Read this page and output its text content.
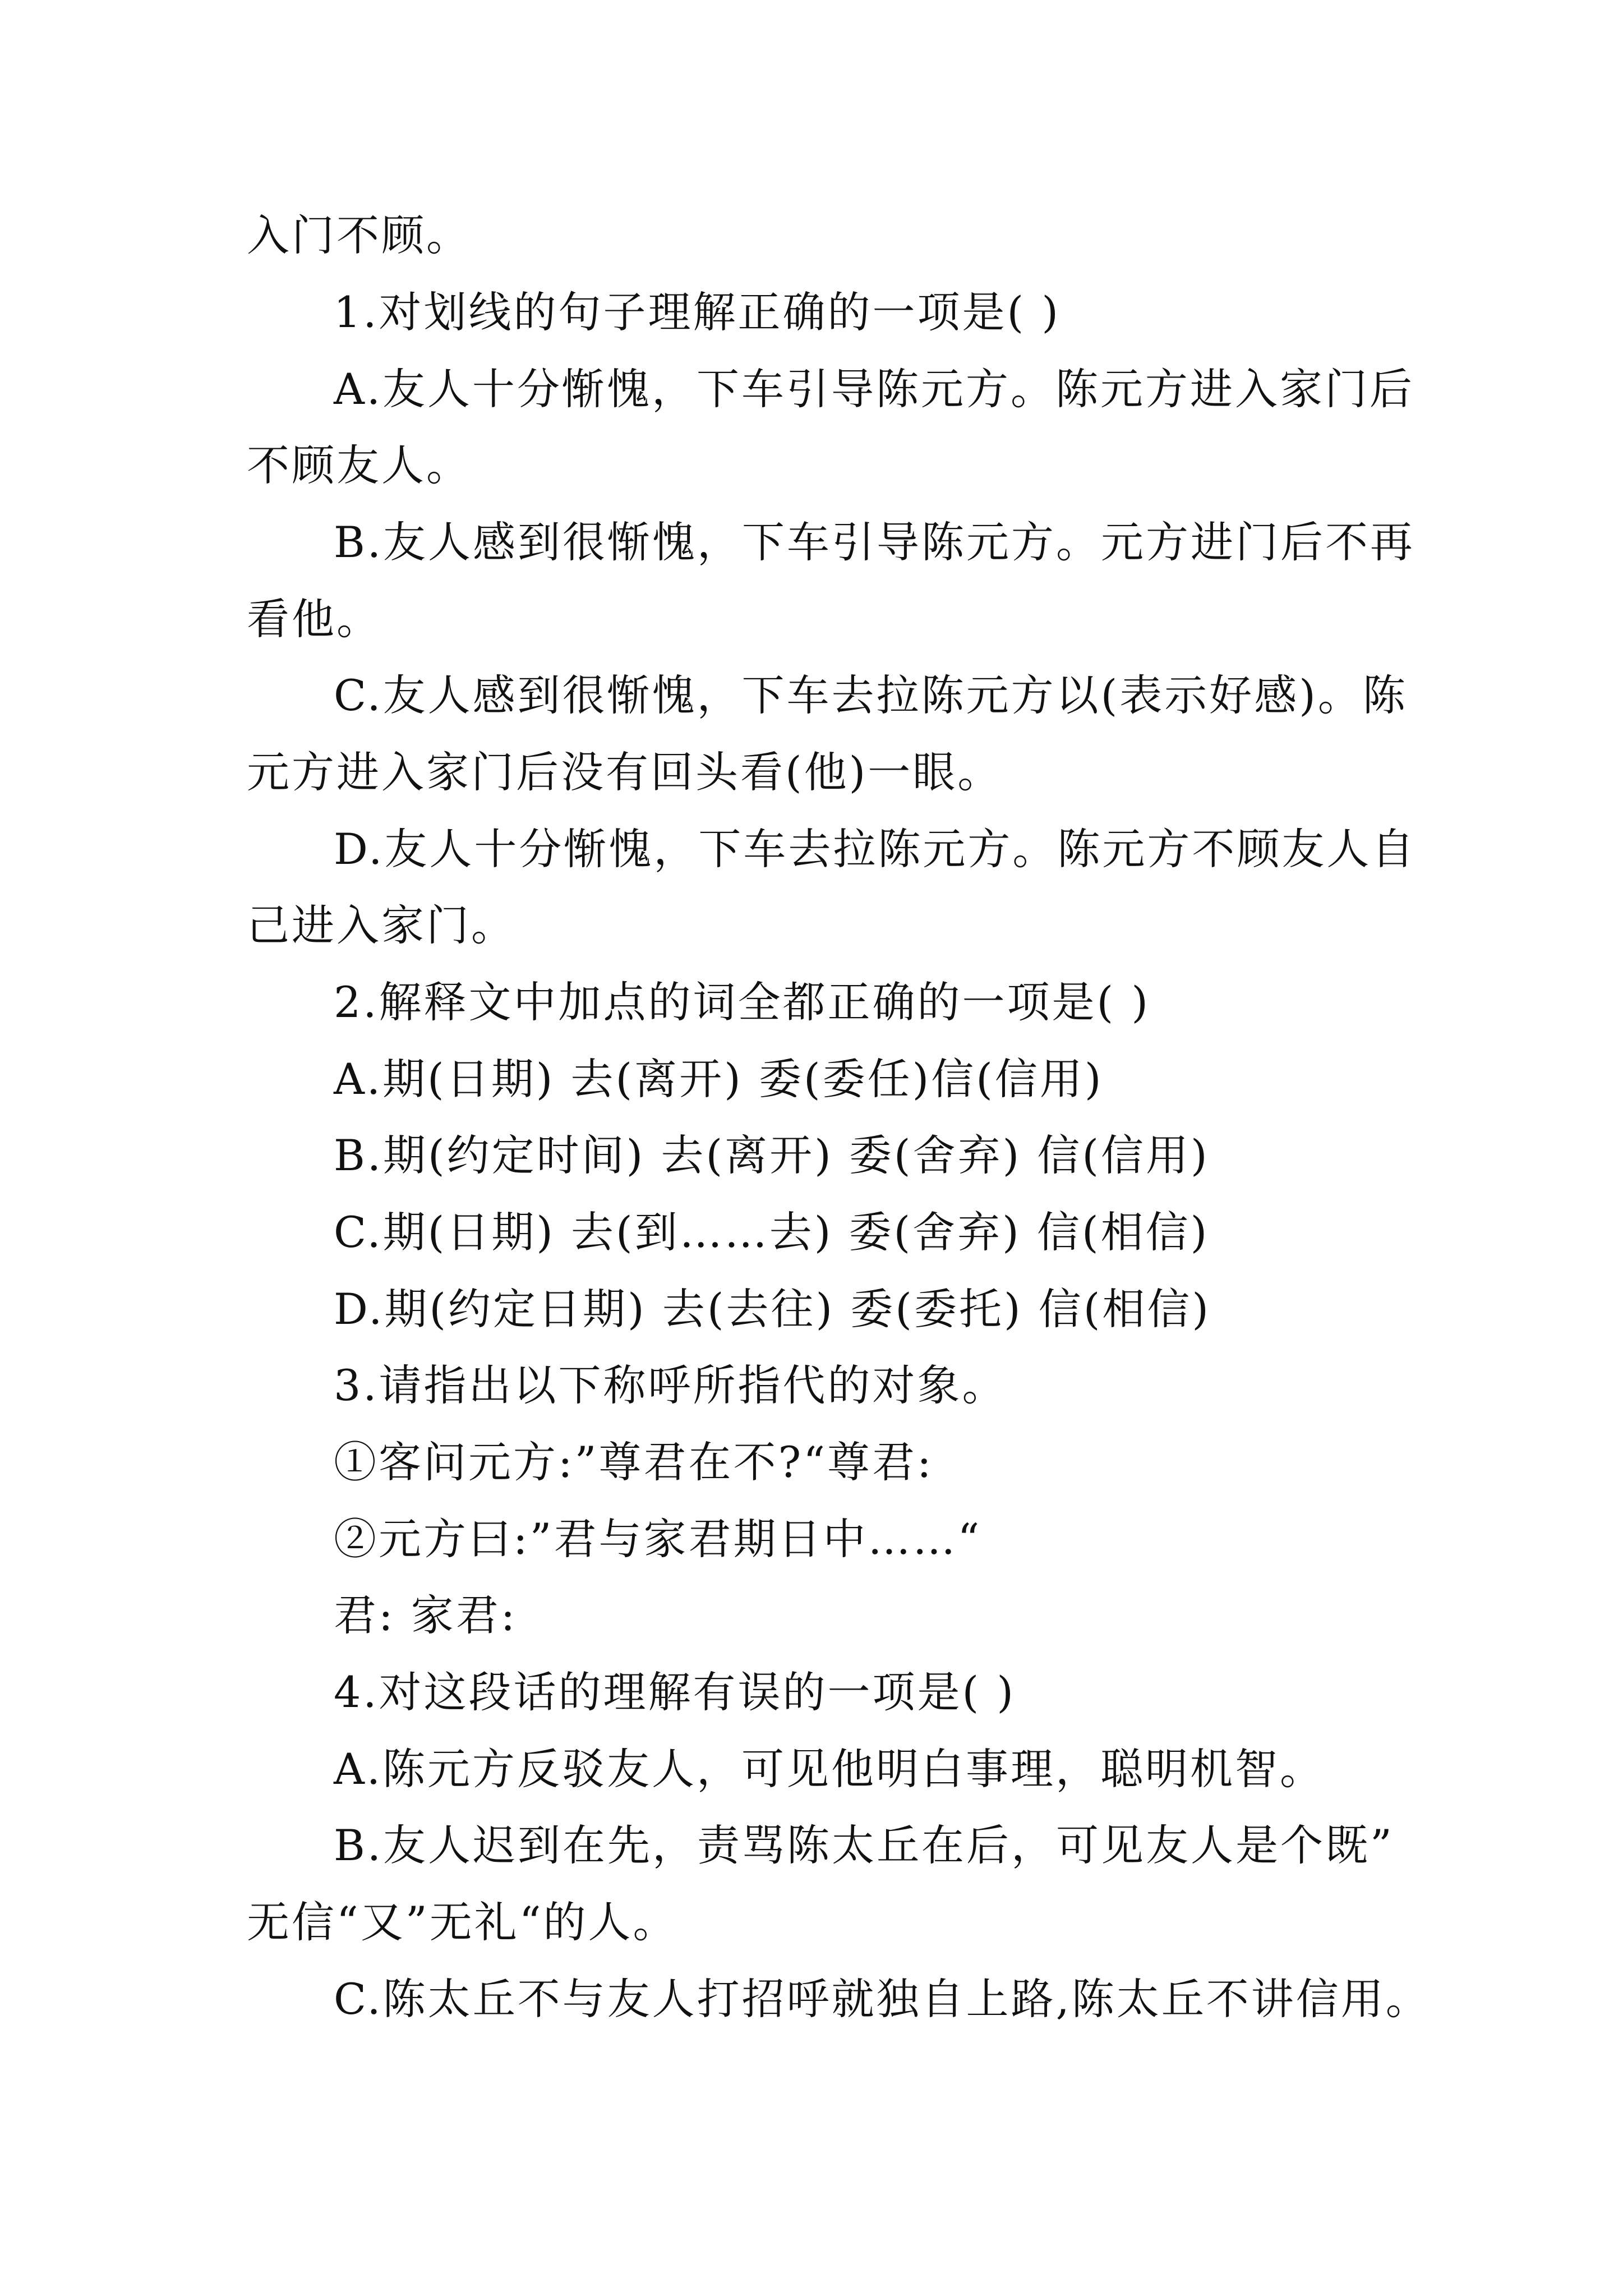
入门不顾。
1.对划线的句子理解正确的一项是( )
A.友人十分惭愧，下车引导陈元方。陈元方进入家门后
不顾友人。
B.友人感到很惭愧，下车引导陈元方。元方进门后不再
看他。
C.友人感到很惭愧，下车去拉陈元方以(表示好感)。陈
元方进入家门后没有回头看(他)一眼。
D.友人十分惭愧，下车去拉陈元方。陈元方不顾友人自
己进入家门。
2.解释文中加点的词全都正确的一项是( )
A.期(日期) 去(离开) 委(委任)信(信用)
B.期(约定时间) 去(离开) 委(舍弃) 信(信用)
C.期(日期) 去(到……去) 委(舍弃) 信(相信)
D.期(约定日期) 去(去往) 委(委托) 信(相信)
3.请指出以下称呼所指代的对象。
①客问元方:”尊君在不?“尊君:
②元方曰:”君与家君期日中……“
君: 家君:
4.对这段话的理解有误的一项是( )
A.陈元方反驳友人，可见他明白事理，聪明机智。
B.友人迟到在先，责骂陈太丘在后，可见友人是个既”
无信“又”无礼“的人。
C.陈太丘不与友人打招呼就独自上路,陈太丘不讲信用。
